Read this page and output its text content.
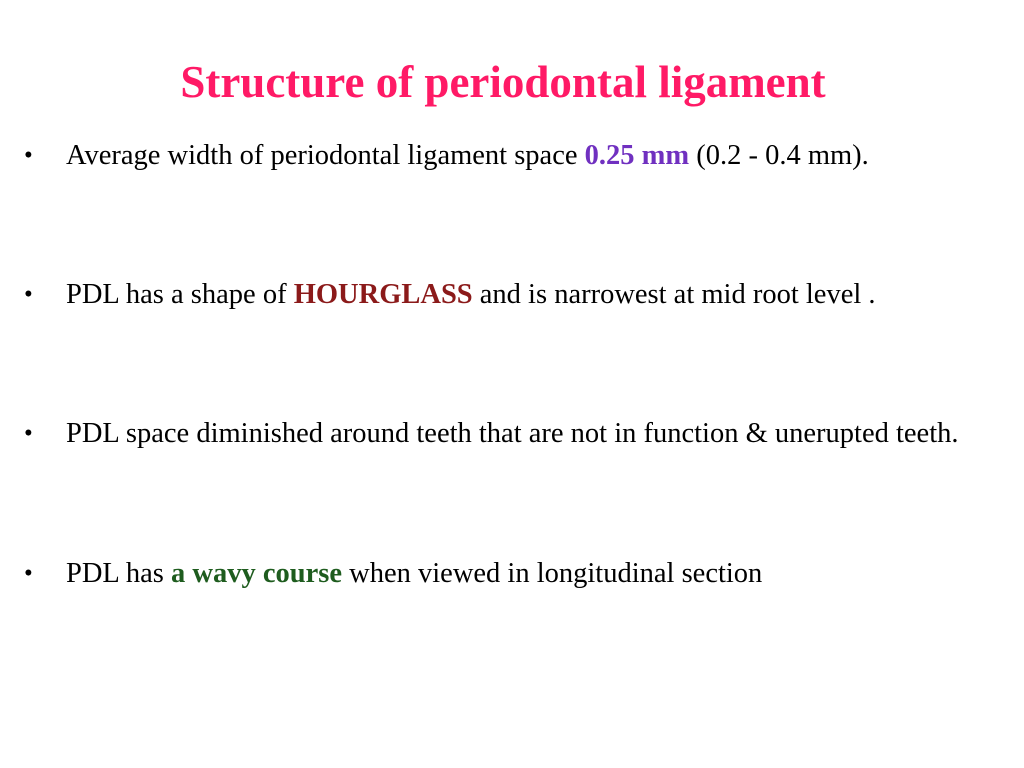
Structure of periodontal ligament
•	Average width of periodontal ligament space 0.25 mm (0.2 - 0.4 mm).
•	PDL has a shape of HOURGLASS and is narrowest at mid root level .
•	PDL space diminished around teeth that are not in function & unerupted teeth.
•	PDL has a wavy course when viewed in longitudinal section
